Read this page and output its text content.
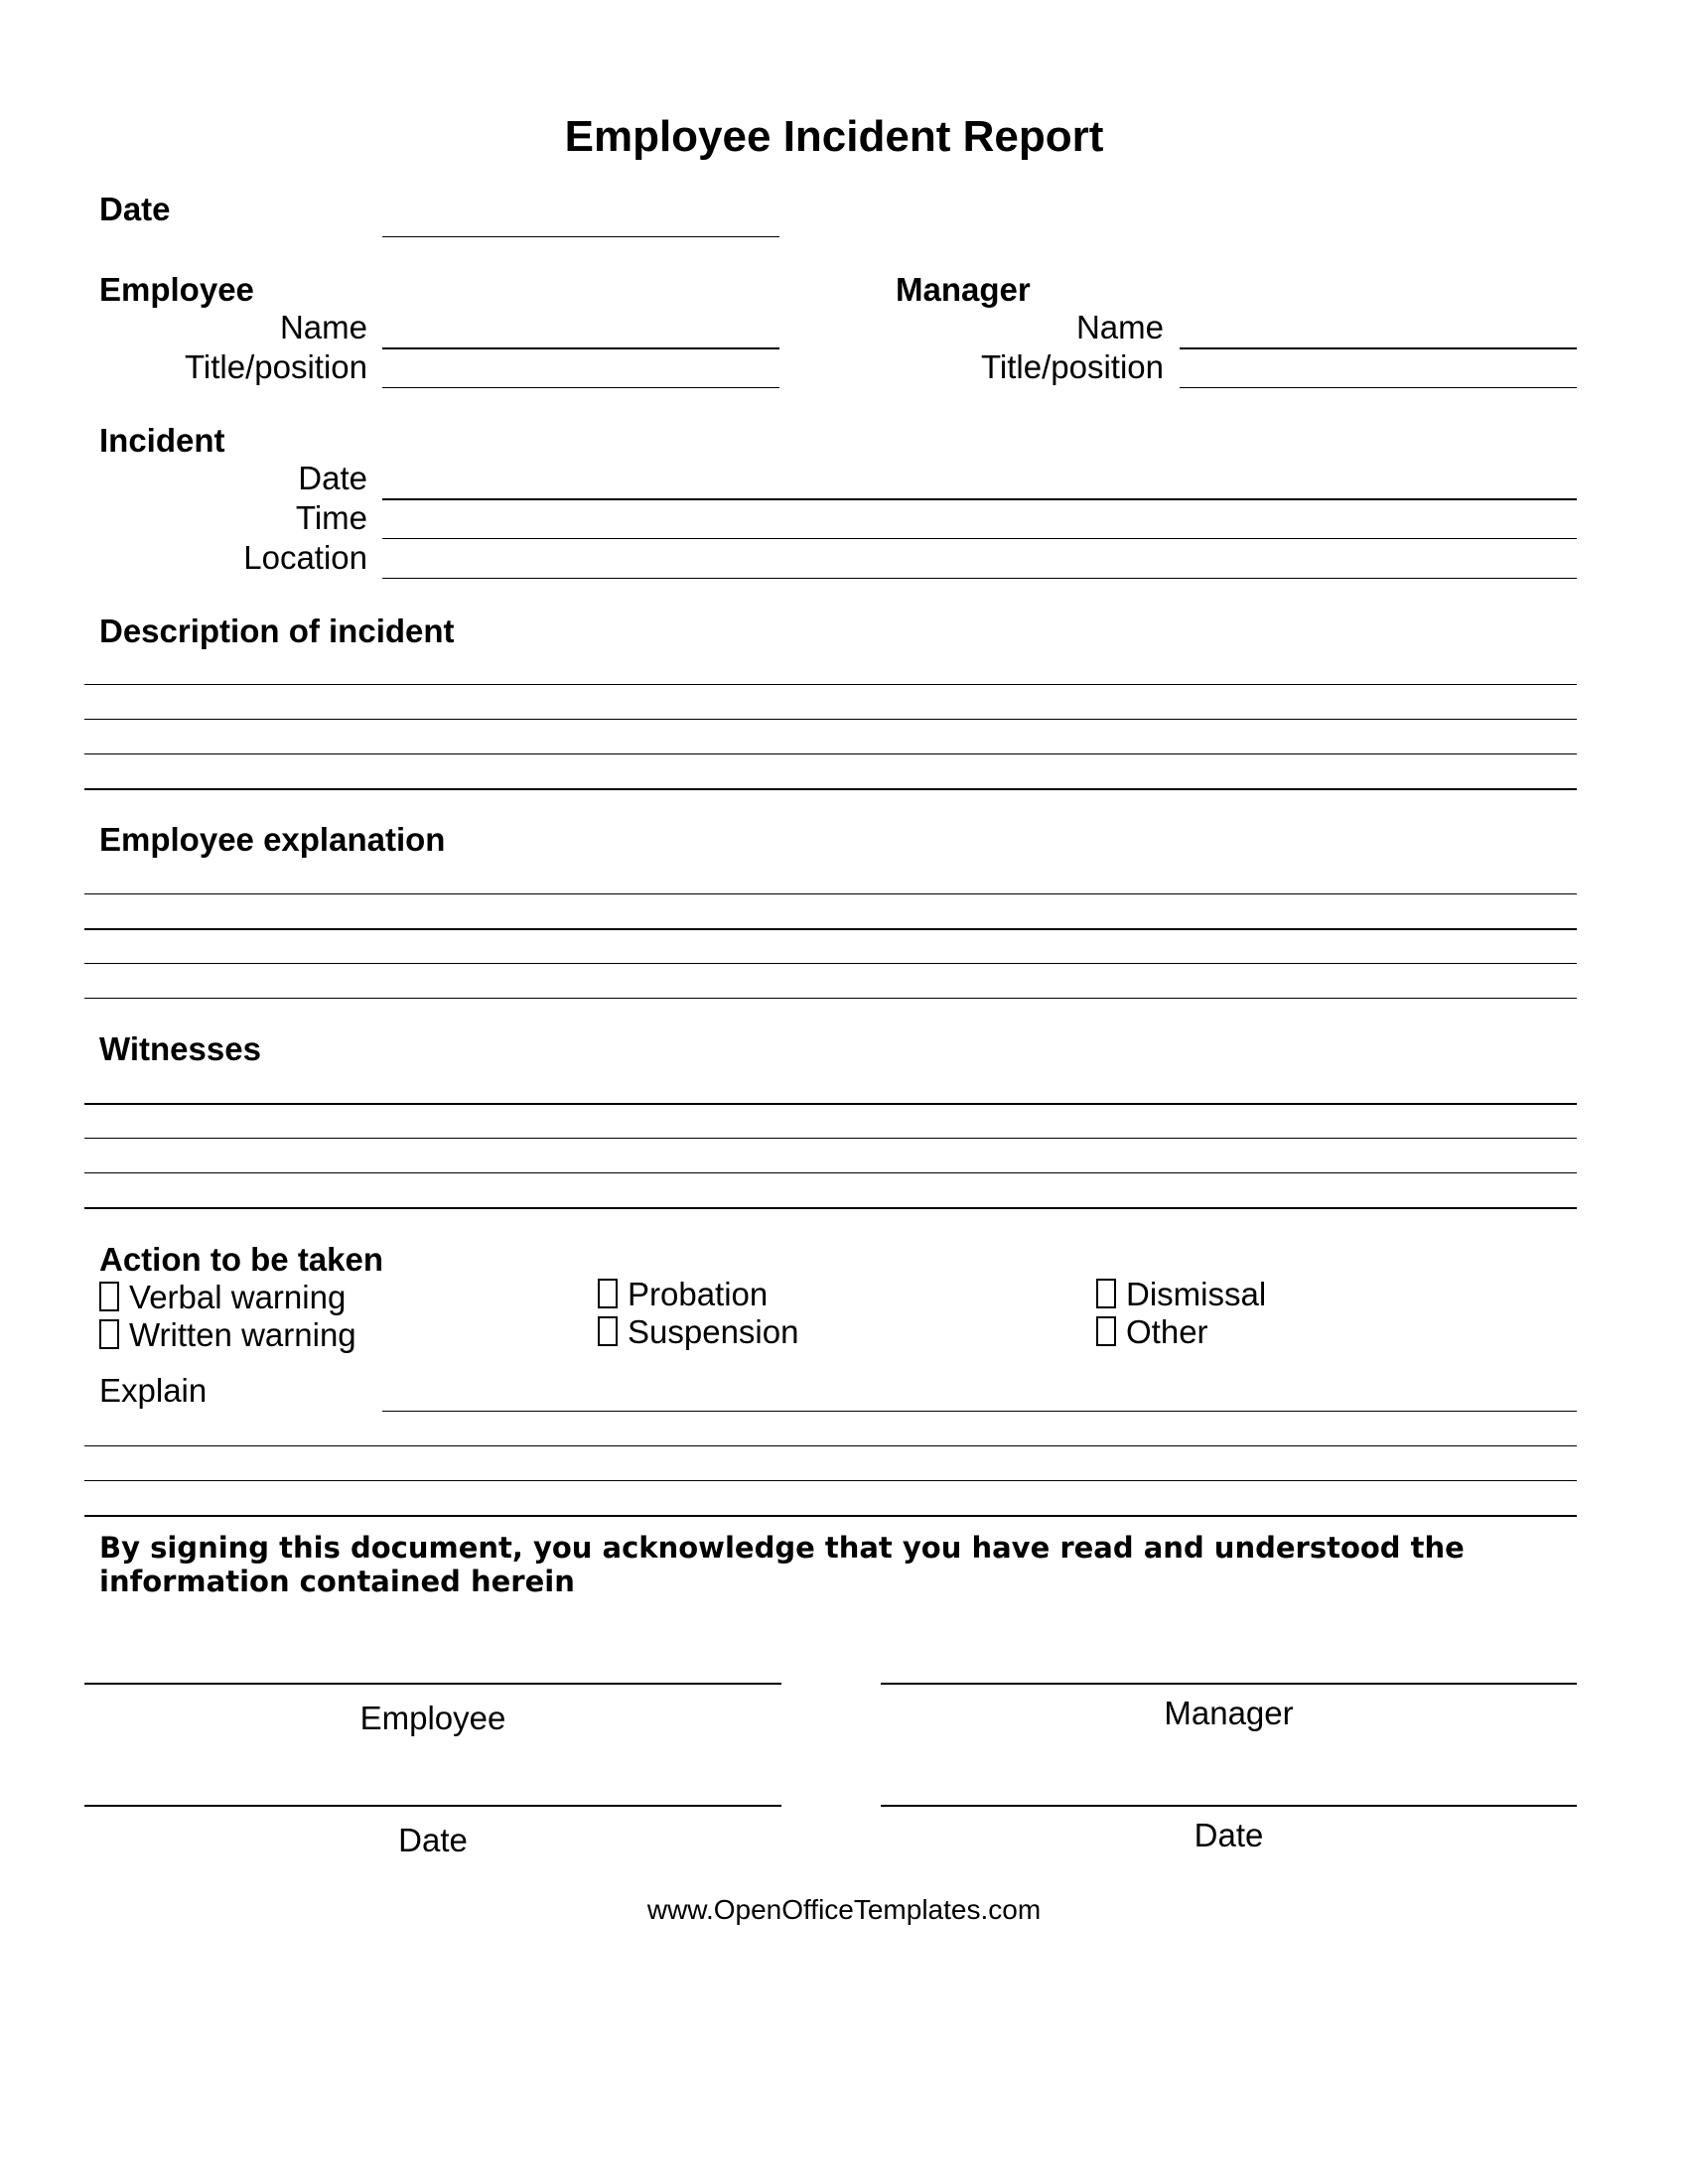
Employee Incident Report
Date
Employee
Name
Title/position
Manager
Name
Title/position
Incident
Date
Time
Location
Description of incident
Employee explanation
Witnesses
Action to be taken
Verbal warning
Written warning
Probation
Suspension
Dismissal
Other
Explain
By signing this document, you acknowledge that you have read and understood the information contained herein
Employee	Manager
Date	Date
www.OpenOfficeTemplates.com
